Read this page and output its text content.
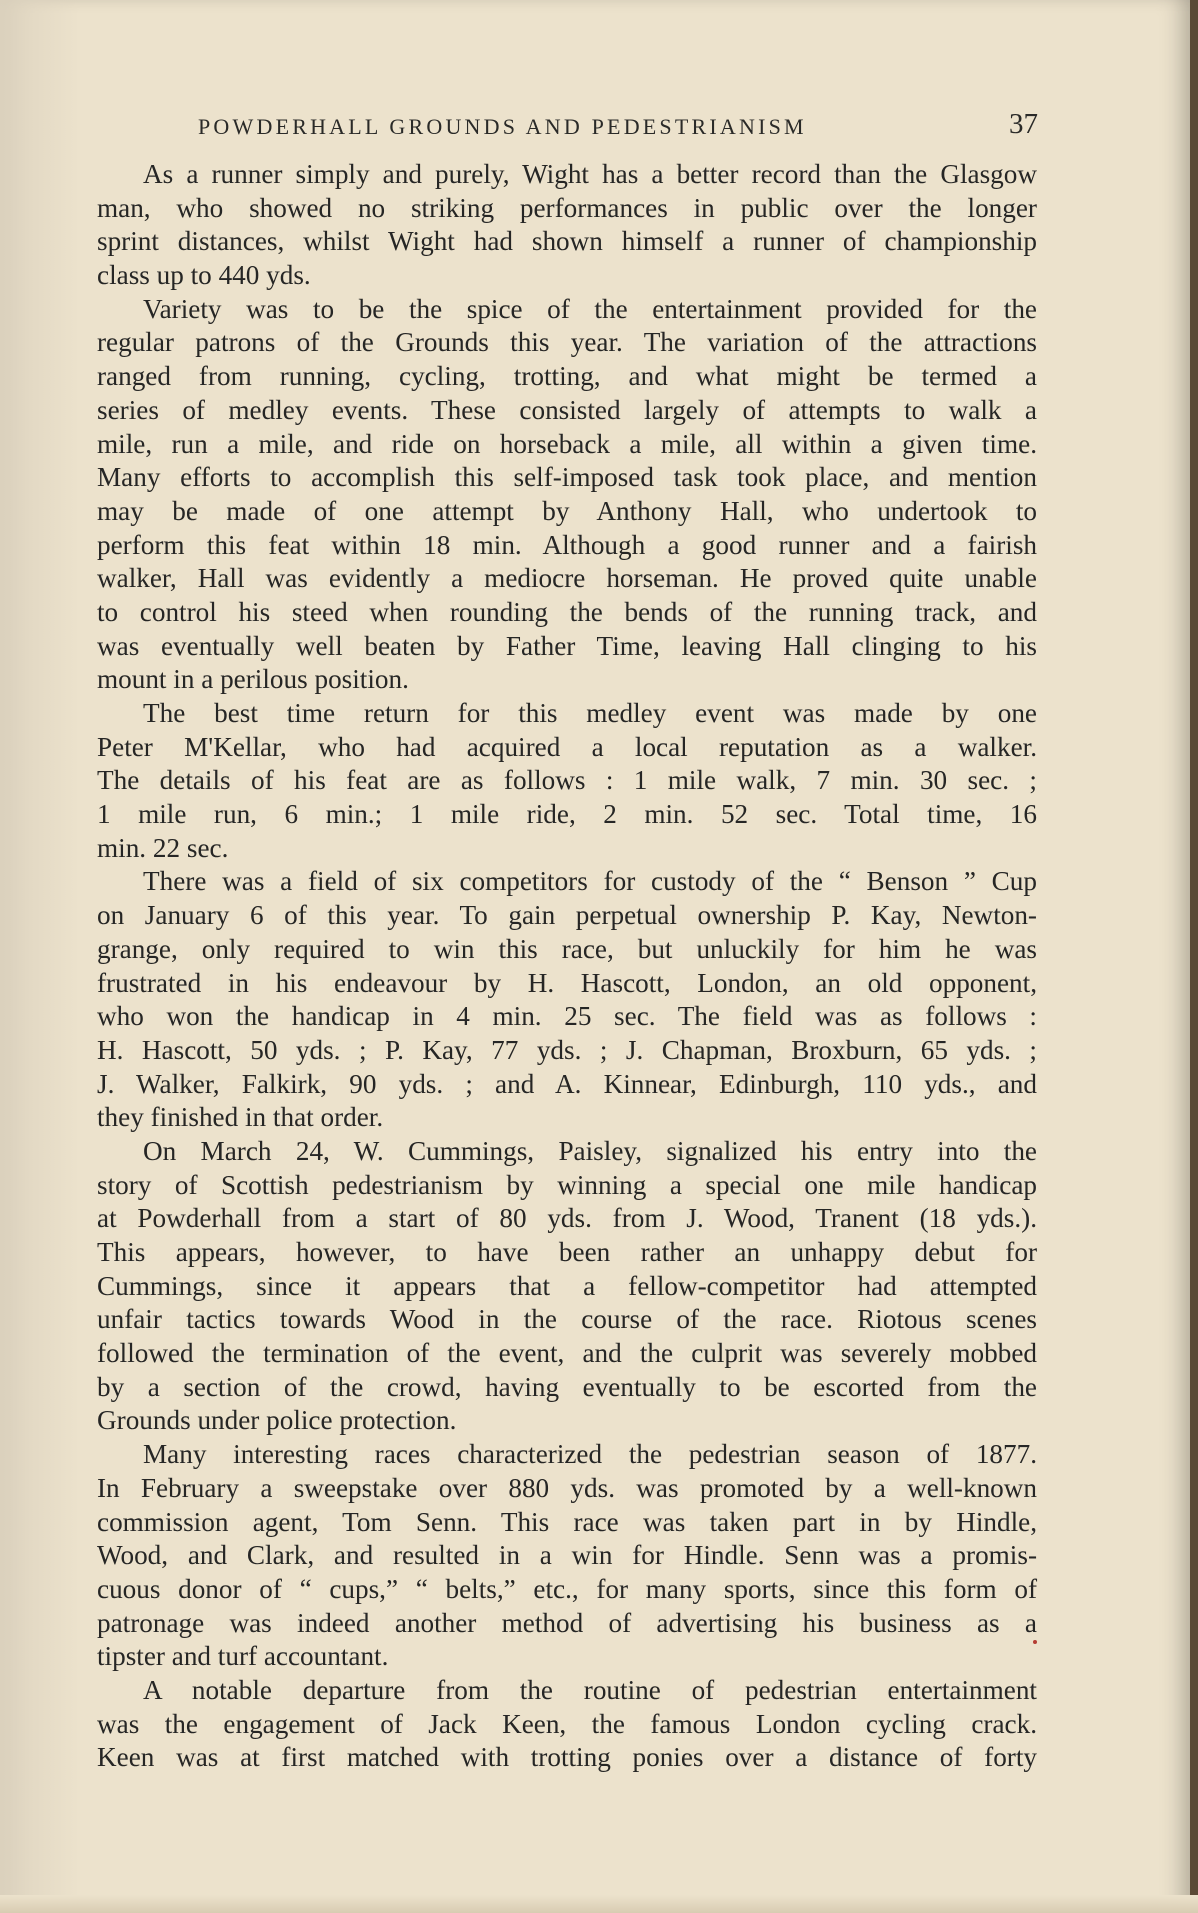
POWDERHALL GROUNDS AND PEDESTRIANISM	37
As a runner simply and purely, Wight has a better record than the Glasgow
man, who showed no striking performances in public over the longer
sprint distances, whilst Wight had shown himself a runner of championship
class up to 440 yds.
Variety was to be the spice of the entertainment provided for the
regular patrons of the Grounds this year. The variation of the attractions
ranged from running, cycling, trotting, and what might be termed a
series of medley events. These consisted largely of attempts to walk a
mile, run a mile, and ride on horseback a mile, all within a given time.
Many efforts to accomplish this self-imposed task took place, and mention
may be made of one attempt by Anthony Hall, who undertook to
perform this feat within 18 min. Although a good runner and a fairish
walker, Hall was evidently a mediocre horseman. He proved quite unable
to control his steed when rounding the bends of the running track, and
was eventually well beaten by Father Time, leaving Hall clinging to his
mount in a perilous position.
The best time return for this medley event was made by one
Peter M'Kellar, who had acquired a local reputation as a walker.
The details of his feat are as follows : 1 mile walk, 7 min. 30 sec. ;
1 mile run, 6 min.; 1 mile ride, 2 min. 52 sec. Total time, 16
min. 22 sec.
There was a field of six competitors for custody of the “ Benson ” Cup
on January 6 of this year. To gain perpetual ownership P. Kay, Newton-
grange, only required to win this race, but unluckily for him he was
frustrated in his endeavour by H. Hascott, London, an old opponent,
who won the handicap in 4 min. 25 sec. The field was as follows :
H. Hascott, 50 yds. ; P. Kay, 77 yds. ; J. Chapman, Broxburn, 65 yds. ;
J. Walker, Falkirk, 90 yds. ; and A. Kinnear, Edinburgh, 110 yds., and
they finished in that order.
On March 24, W. Cummings, Paisley, signalized his entry into the
story of Scottish pedestrianism by winning a special one mile handicap
at Powderhall from a start of 80 yds. from J. Wood, Tranent (18 yds.).
This appears, however, to have been rather an unhappy debut for
Cummings, since it appears that a fellow-competitor had attempted
unfair tactics towards Wood in the course of the race. Riotous scenes
followed the termination of the event, and the culprit was severely mobbed
by a section of the crowd, having eventually to be escorted from the
Grounds under police protection.
Many interesting races characterized the pedestrian season of 1877.
In February a sweepstake over 880 yds. was promoted by a well-known
commission agent, Tom Senn. This race was taken part in by Hindle,
Wood, and Clark, and resulted in a win for Hindle. Senn was a promis-
cuous donor of “ cups,” “ belts,” etc., for many sports, since this form of
patronage was indeed another method of advertising his business as a
tipster and turf accountant.
A notable departure from the routine of pedestrian entertainment
was the engagement of Jack Keen, the famous London cycling crack.
Keen was at first matched with trotting ponies over a distance of forty
